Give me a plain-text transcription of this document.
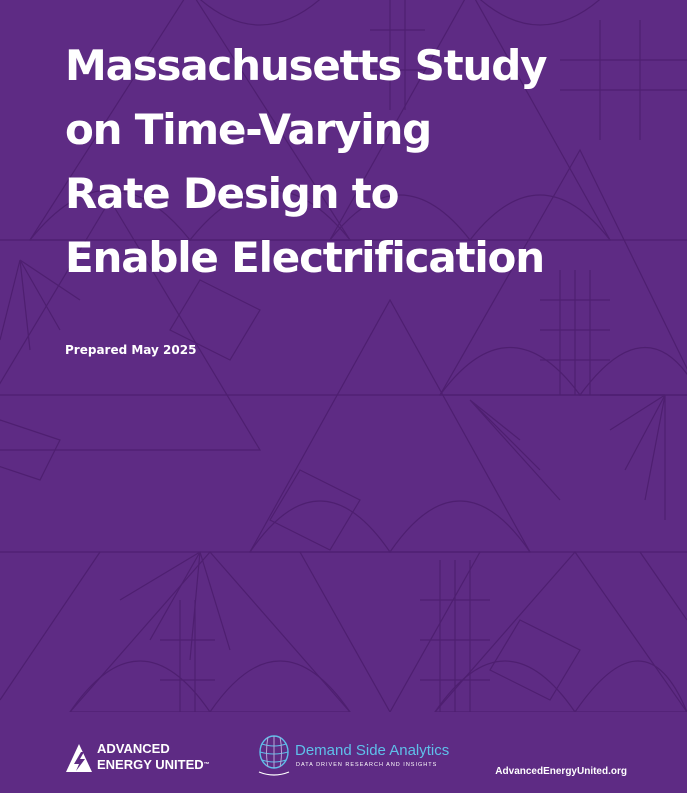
Massachusetts Study
on Time-Varying
Rate Design to
Enable Electrification
Prepared May 2025
ADVANCED
ENERGY UNITED™
Demand Side Analytics
DATA DRIVEN RESEARCH AND INSIGHTS
AdvancedEnergyUnited.org
